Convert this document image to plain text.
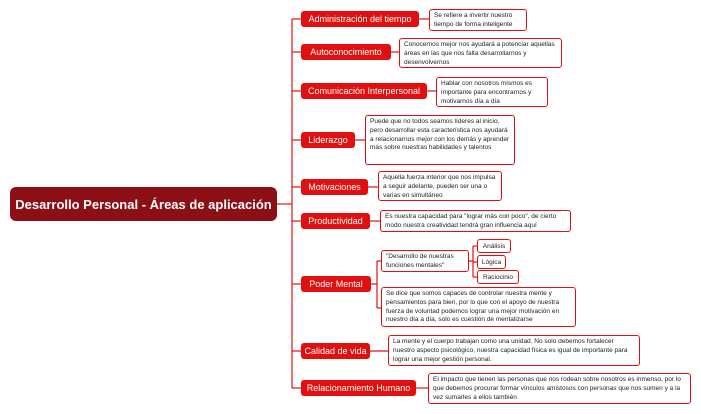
Desarrollo Personal - Áreas de aplicación
Administración del tiempo	Se refiere a invertir nuestro tiempo de forma inteligente
Autoconocimiento
Conocernos mejor nos ayudará a potenciar aquellas áreas en las que nos falta desarrollarnos y desenvolvernos
Comunicación Interpersonal
Hablar con nosotros mismos es importante para encontrarnos y motivarnos día a día
Liderazgo
Puede que no todos seamos líderes al inicio, pero desarrollar esta característica nos ayudará a relacionarnos mejor con los demás y aprender más sobre nuestras habilidades y talentos
Motivaciones
Aquella fuerza interior que nos impulsa a seguir adelante, pueden ser una o varias en simultáneo
Productividad	Es nuestra capacidad para "lograr más con poco", de cierto modo nuestra creatividad tendrá gran influencia aquí
Poder Mental
"Desarrollo de nuestras funciones mentales"
Análisis
Lógica
Raciocinio
Se dice que somos capaces de controlar nuestra mente y pensamientos para bien, por lo que con el apoyo de nuestra fuerza de voluntad podemos lograr una mejor motivación en nuestro día a día, solo es cuestión de mentalizarse
Calidad de vida
La mente y el cuerpo trabajan como una unidad. No solo debemos fortalecer nuestro aspecto psicológico, nuestra capacidad física es igual de importante para lograr una mejor gestión personal.
Relacionamiento Humano
El impacto que tienen las personas que nos rodean sobre nosotros es inmenso, por lo que debemos procurar formar vínculos amistosos con personas que nos sumen y a la vez sumarles a ellos también
